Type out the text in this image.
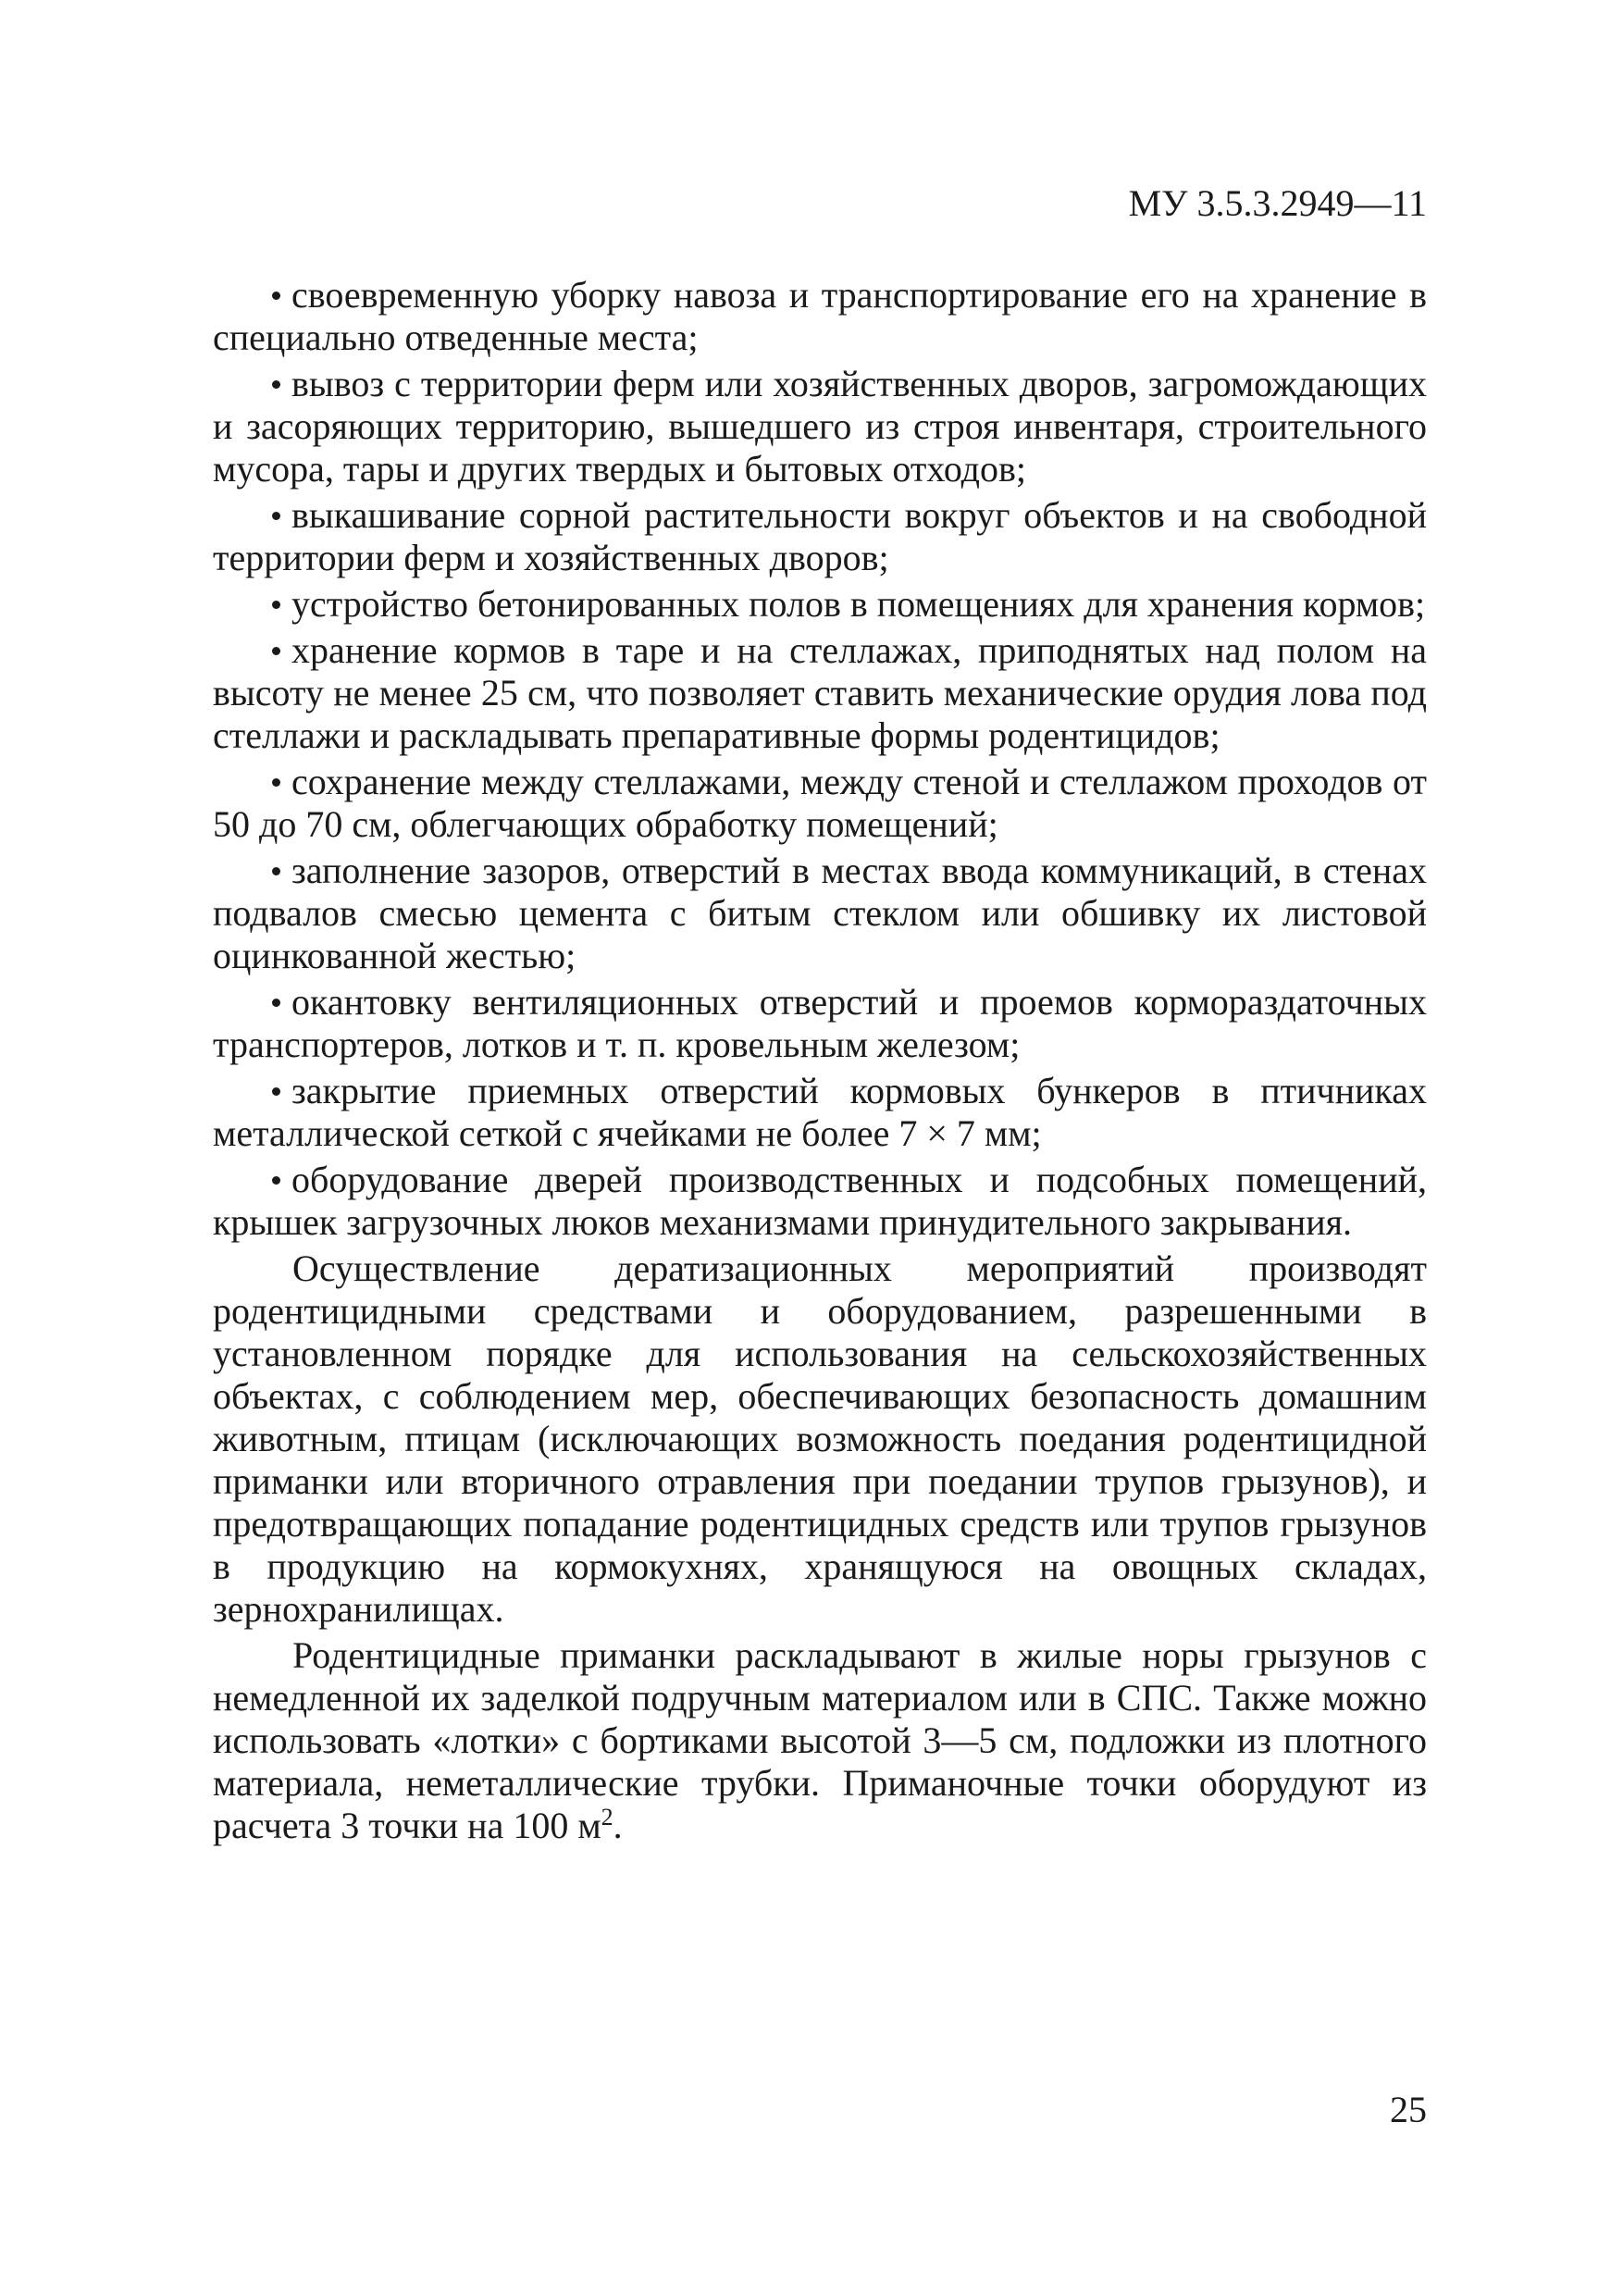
МУ 3.5.3.2949—11

своевременную уборку навоза и транспортирование его на хранение в специально отведенные места;

вывоз с территории ферм или хозяйственных дворов, загромождающих и засоряющих территорию, вышедшего из строя инвентаря, строительного мусора, тары и других твердых и бытовых отходов;

выкашивание сорной растительности вокруг объектов и на свободной территории ферм и хозяйственных дворов;

устройство бетонированных полов в помещениях для хранения кормов;

хранение кормов в таре и на стеллажах, приподнятых над полом на высоту не менее 25 см, что позволяет ставить механические орудия лова под стеллажи и раскладывать препаративные формы родентицидов;

сохранение между стеллажами, между стеной и стеллажом проходов от 50 до 70 см, облегчающих обработку помещений;

заполнение зазоров, отверстий в местах ввода коммуникаций, в стенах подвалов смесью цемента с битым стеклом или обшивку их листовой оцинкованной жестью;

окантовку вентиляционных отверстий и проемов кормораздаточных транспортеров, лотков и т. п. кровельным железом;

закрытие приемных отверстий кормовых бункеров в птичниках металлической сеткой с ячейками не более 7 × 7 мм;

оборудование дверей производственных и подсобных помещений, крышек загрузочных люков механизмами принудительного закрывания.

Осуществление дератизационных мероприятий производят родентицидными средствами и оборудованием, разрешенными в установленном порядке для использования на сельскохозяйственных объектах, с соблюдением мер, обеспечивающих безопасность домашним животным, птицам (исключающих возможность поедания родентицидной приманки или вторичного отравления при поедании трупов грызунов), и предотвращающих попадание родентицидных средств или трупов грызунов в продукцию на кормокухнях, хранящуюся на овощных складах, зернохранилищах.

Родентицидные приманки раскладывают в жилые норы грызунов с немедленной их заделкой подручным материалом или в СПС. Также можно использовать «лотки» с бортиками высотой 3—5 см, подложки из плотного материала, неметаллические трубки. Приманочные точки оборудуют из расчета 3 точки на 100 $м^2$.

25
